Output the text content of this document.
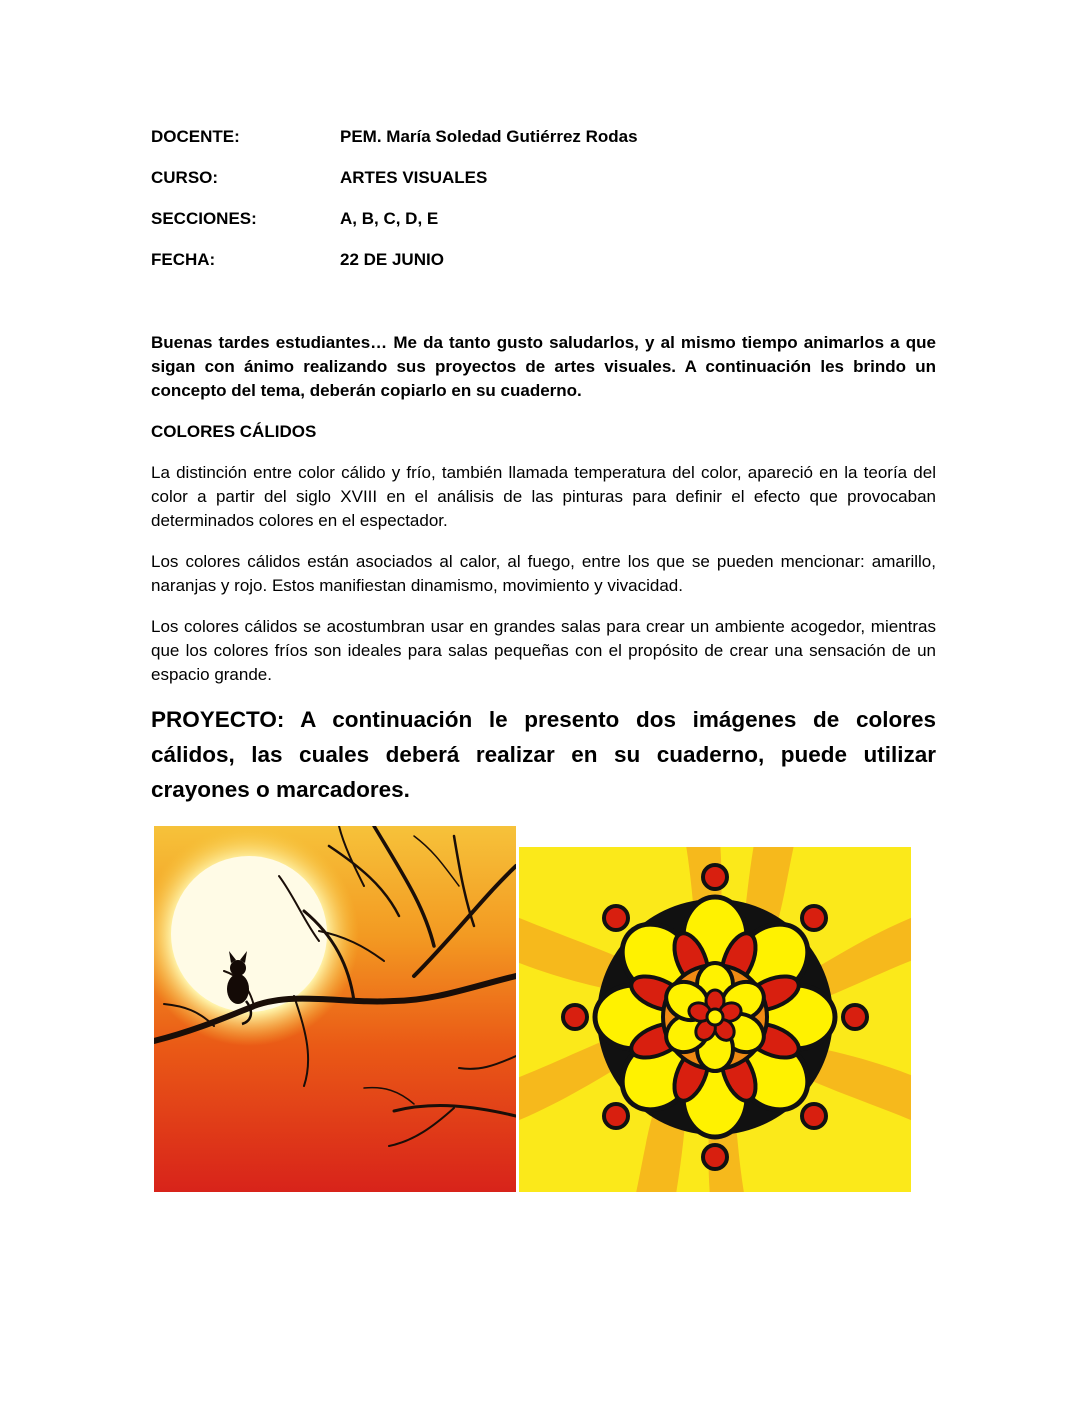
DOCENTE:	PEM. María Soledad Gutiérrez Rodas
CURSO:	ARTES VISUALES
SECCIONES:	A, B, C, D, E
FECHA:	22 DE JUNIO
Buenas tardes estudiantes… Me da tanto gusto saludarlos, y al mismo tiempo animarlos a que sigan con ánimo realizando sus proyectos de artes visuales. A continuación les brindo un concepto del tema, deberán copiarlo en su cuaderno.
COLORES CÁLIDOS
La distinción entre color cálido y frío, también llamada temperatura del color, apareció en la teoría del color a partir del siglo XVIII en el análisis de las pinturas para definir el efecto que provocaban determinados colores en el espectador.
Los colores cálidos están asociados al calor, al fuego, entre los que se pueden mencionar: amarillo, naranjas y rojo. Estos manifiestan dinamismo, movimiento y vivacidad.
Los colores cálidos se acostumbran usar en grandes salas para crear un ambiente acogedor, mientras que los colores fríos son ideales para salas pequeñas con el propósito de crear una sensación de un espacio grande.
PROYECTO: A continuación le presento dos imágenes de colores cálidos, las cuales deberá realizar en su cuaderno, puede utilizar crayones o marcadores.
